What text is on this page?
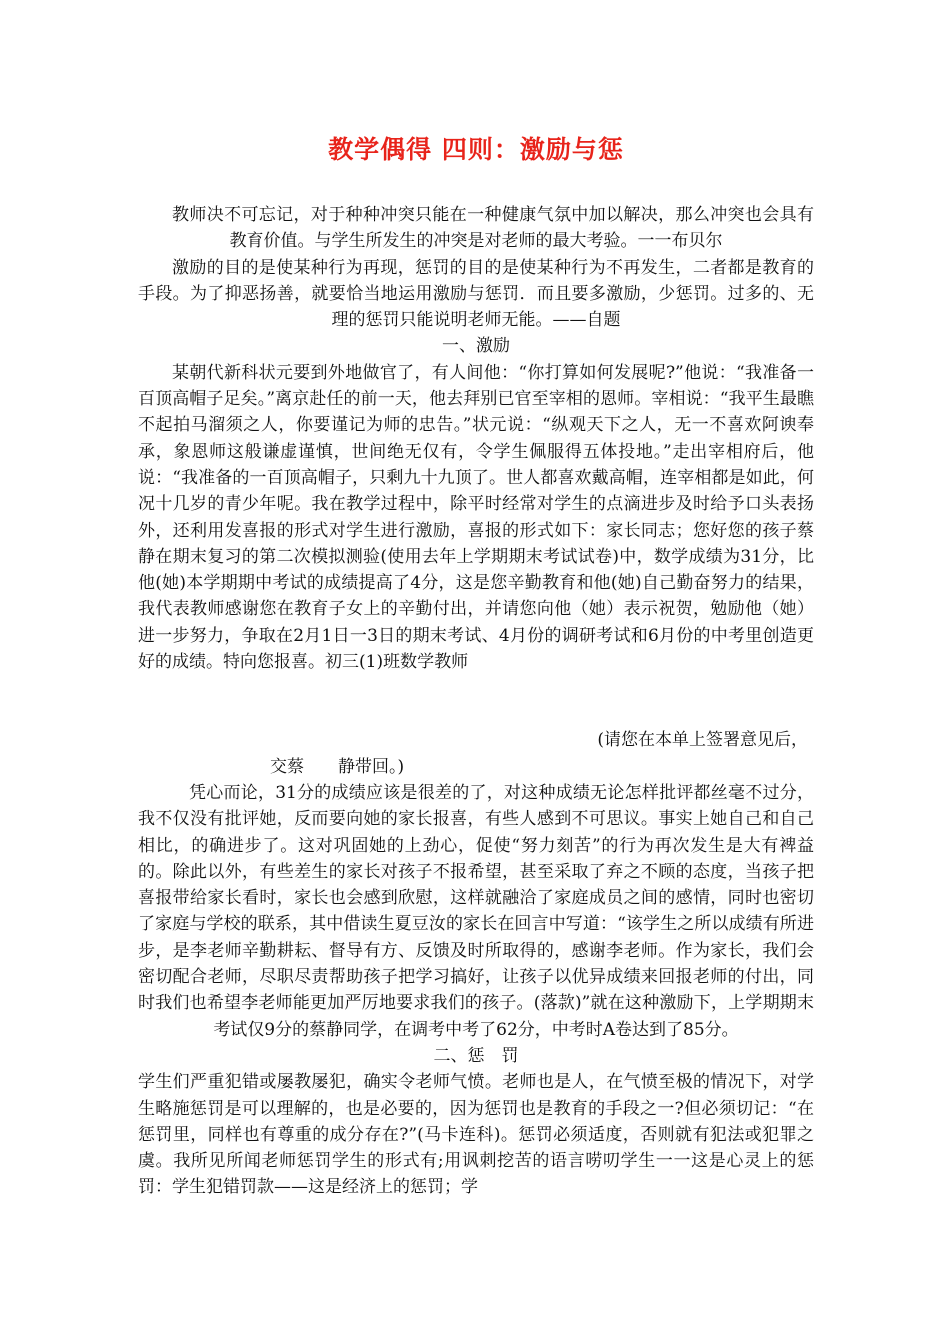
教学偶得 四则：激励与惩

教师决不可忘记，对于种种冲突只能在一种健康气氛中加以解决，那么冲突也会具有教育价值。与学生所发生的冲突是对老师的最大考验。一一布贝尔

激励的目的是使某种行为再现，惩罚的目的是使某种行为不再发生，二者都是教育的手段。为了抑恶扬善，就要恰当地运用激励与惩罚．而且要多激励，少惩罚。过多的、无理的惩罚只能说明老师无能。——自题

一、激励

某朝代新科状元要到外地做官了，有人间他：“你打算如何发展呢?”他说：“我准备一百顶高帽子足矣。”离京赴任的前一天，他去拜别已官至宰相的恩师。宰相说：“我平生最瞧不起拍马溜须之人，你要谨记为师的忠告。”状元说：“纵观天下之人，无一不喜欢阿谀奉承，象恩师这般谦虚谨慎，世间绝无仅有，令学生佩服得五体投地。”走出宰相府后，他说：“我准备的一百顶高帽子，只剩九十九顶了。世人都喜欢戴高帽，连宰相都是如此，何况十几岁的青少年呢。我在教学过程中，除平时经常对学生的点滴进步及时给予口头表扬外，还利用发喜报的形式对学生进行激励，喜报的形式如下：家长同志；您好您的孩子蔡　　静在期末复习的第二次模拟测验(使用去年上学期期末考试试卷)中，数学成绩为31分，比他(她)本学期期中考试的成绩提高了4分，这是您辛勤教育和他(她)自己勤奋努力的结果，我代表教师感谢您在教育子女上的辛勤付出，并请您向他（她）表示祝贺，勉励他（她）进一步努力，争取在2月1日一3日的期末考试、4月份的调研考试和6月份的中考里创造更好的成绩。特向您报喜。初三(1)班数学教师

(请您在本单上签署意见后，

交蔡　　静带回。)

凭心而论，31分的成绩应该是很差的了，对这种成绩无论怎样批评都丝毫不过分，我不仅没有批评她，反而要向她的家长报喜，有些人感到不可思议。事实上她自己和自己相比，的确进步了。这对巩固她的上劲心，促使“努力刻苦”的行为再次发生是大有裨益的。除此以外，有些差生的家长对孩子不报希望，甚至采取了弃之不顾的态度，当孩子把喜报带给家长看时，家长也会感到欣慰，这样就融洽了家庭成员之间的感情，同时也密切了家庭与学校的联系，其中借读生夏豆汝的家长在回言中写道：“该学生之所以成绩有所进步，是李老师辛勤耕耘、督导有方、反馈及时所取得的，感谢李老师。作为家长，我们会密切配合老师，尽职尽责帮助孩子把学习搞好，让孩子以优异成绩来回报老师的付出，同时我们也希望李老师能更加严厉地要求我们的孩子。(落款)”就在这种激励下，上学期期末考试仅9分的蔡静同学，在调考中考了62分，中考时A卷达到了85分。

二、惩　罚

学生们严重犯错或屡教屡犯，确实令老师气愤。老师也是人，在气愤至极的情况下，对学生略施惩罚是可以理解的，也是必要的，因为惩罚也是教育的手段之一?但必须切记：“在惩罚里，同样也有尊重的成分存在?”(马卡连科)。惩罚必须适度，否则就有犯法或犯罪之虞。我所见所闻老师惩罚学生的形式有;用讽刺挖苦的语言唠叨学生一一这是心灵上的惩罚：学生犯错罚款——这是经济上的惩罚；学
